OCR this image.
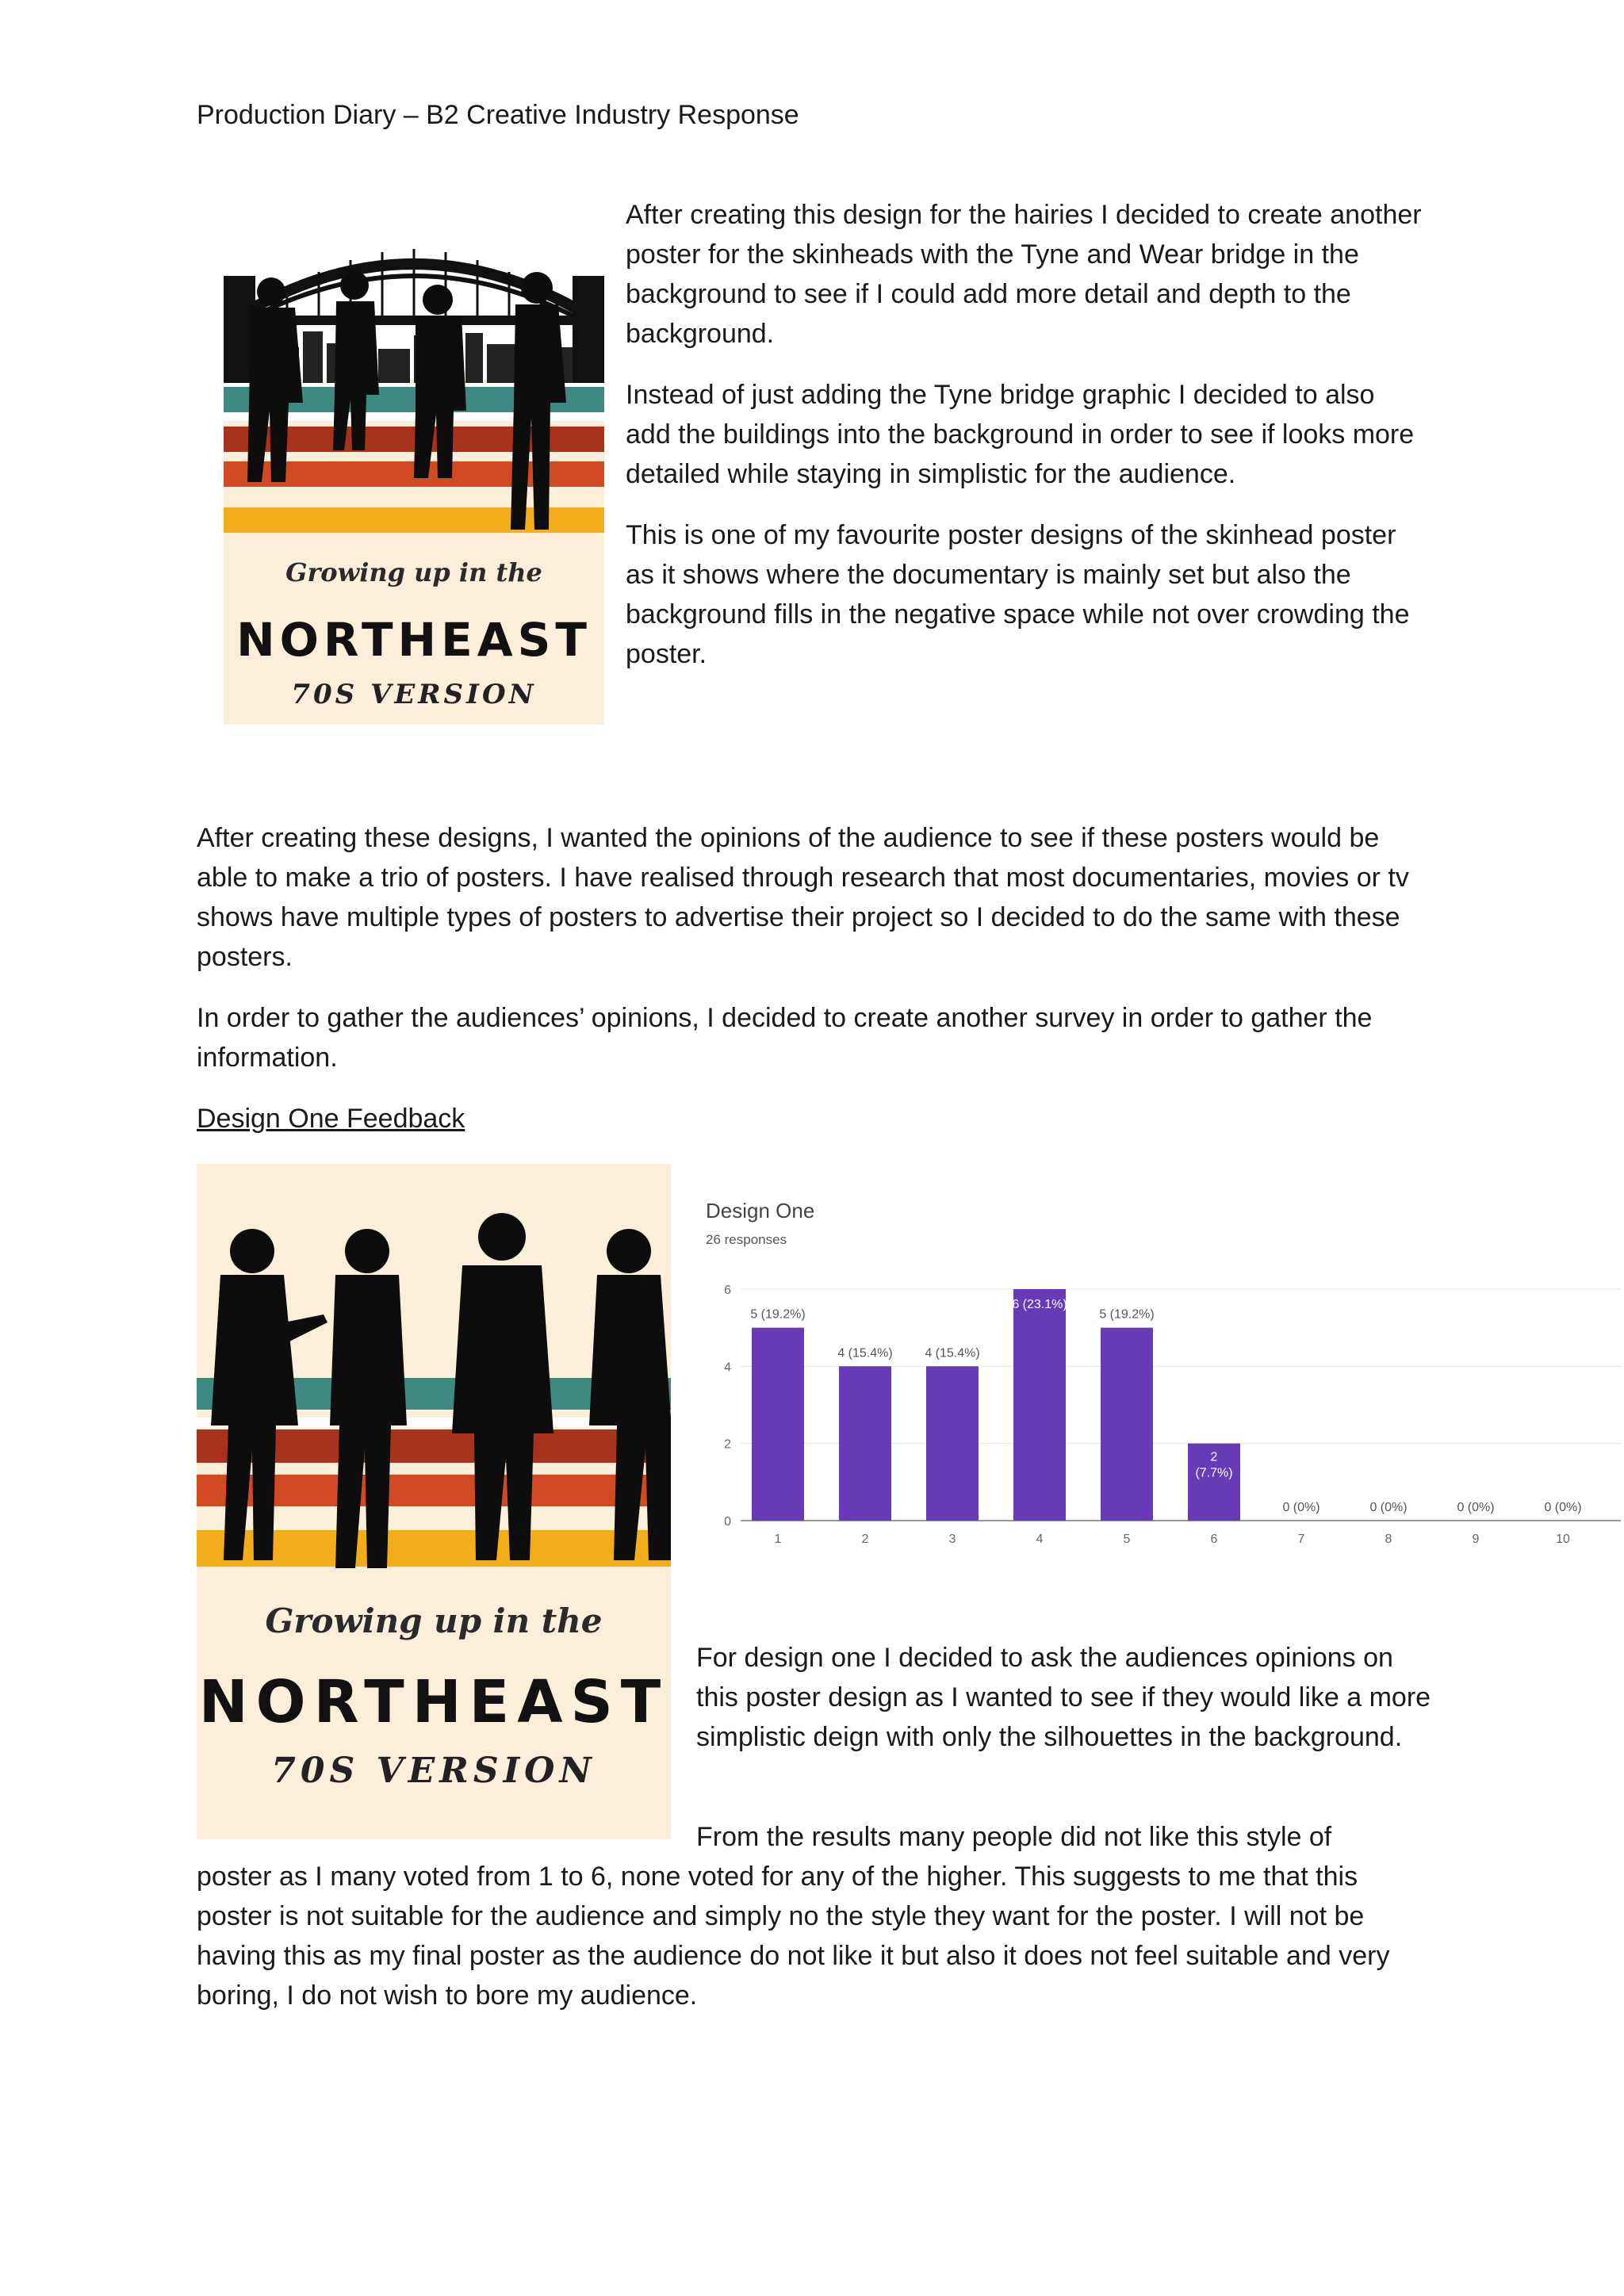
Production Diary – B2 Creative Industry Response
Growing up in the
NORTHEAST
70S VERSION

After creating this design for the hairies I decided to create another poster for the skinheads with the Tyne and Wear bridge in the background to see if I could add more detail and depth to the background.

Instead of just adding the Tyne bridge graphic I decided to also add the buildings into the background in order to see if looks more detailed while staying in simplistic for the audience.

This is one of my favourite poster designs of the skinhead poster as it shows where the documentary is mainly set but also the background fills in the negative space while not over crowding the poster.

After creating these designs, I wanted the opinions of the audience to see if these posters would be able to make a trio of posters. I have realised through research that most documentaries, movies or tv shows have multiple types of posters to advertise their project so I decided to do the same with these posters.

In order to gather the audiences’ opinions, I decided to create another survey in order to gather the information.

Design One Feedback

Growing up in the
NORTHEAST
70S VERSION
Design One
26 responses
0
2
4
6
1
5 (19.2%)
2
4 (15.4%)
3
4 (15.4%)
4
6 (23.1%)
5
5 (19.2%)
6
2
(7.7%)
7
0 (0%)
8
0 (0%)
9
0 (0%)
10
0 (0%)

For design one I decided to ask the audiences opinions on this poster design as I wanted to see if they would like a more simplistic deign with only the silhouettes in the background.

From the results many people did not like this style of

poster as I many voted from 1 to 6, none voted for any of the higher. This suggests to me that this poster is not suitable for the audience and simply no the style they want for the poster. I will not be having this as my final poster as the audience do not like it but also it does not feel suitable and very boring, I do not wish to bore my audience.
